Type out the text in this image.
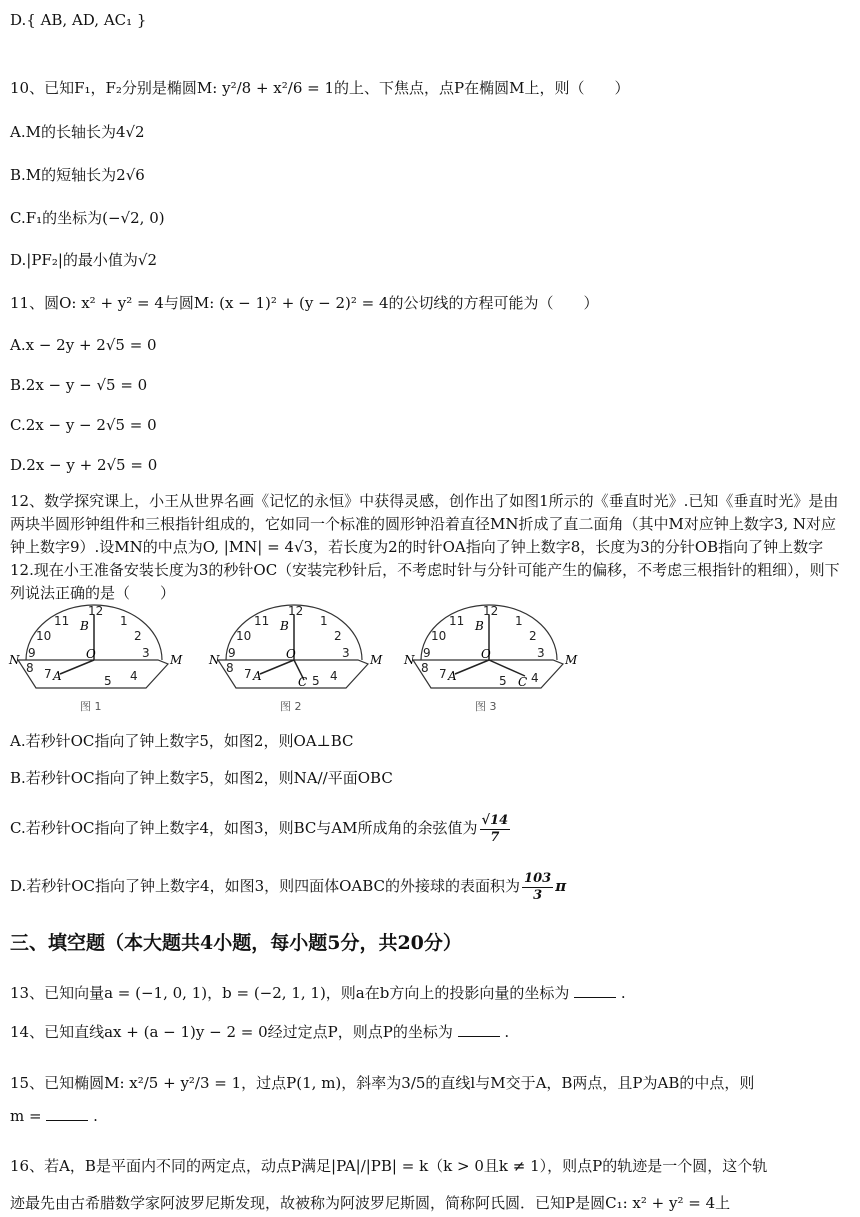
D.{ AB, AD, AC₁ }
10、已知F₁，F₂分别是椭圆M: y²/8 + x²/6 = 1的上、下焦点，点P在椭圆M上，则（　　）
A.M的长轴长为4√2
B.M的短轴长为2√6
C.F₁的坐标为(−√2, 0)
D.|PF₂|的最小值为√2
11、圆O: x² + y² = 4与圆M: (x − 1)² + (y − 2)² = 4的公切线的方程可能为（　　）
A.x − 2y + 2√5 = 0
B.2x − y − √5 = 0
C.2x − y − 2√5 = 0
D.2x − y + 2√5 = 0
12、数学探究课上，小王从世界名画《记忆的永恒》中获得灵感，创作出了如图1所示的《垂直时光》.已知《垂直时光》是由两块半圆形钟组件和三根指针组成的，它如同一个标准的圆形钟沿着直径MN折成了直二面角（其中M对应钟上数字3, N对应钟上数字9）.设MN的中点为O, |MN| = 4√3，若长度为2的时针OA指向了钟上数字8，长度为3的分针OB指向了钟上数字12.现在小王准备安装长度为3的秒针OC（安装完秒针后，不考虑时针与分针可能产生的偏移，不考虑三根指针的粗细），则下列说法正确的是（　　）
12
1
2
3
4
5
7
8
9
10
11 B
O
A
M
N
图 1
12
1
2
3
4
5
7
8
9
10
11 B
O
A	C
M
N
图 2
12
1
2
3
4
5
7
8
9
10
11 B
O
A	C
M
N
图 3
A.若秒针OC指向了钟上数字5，如图2，则OA⊥BC
B.若秒针OC指向了钟上数字5，如图2，则NA//平面OBC
C.若秒针OC指向了钟上数字4，如图3，则BC与AM所成角的余弦值为 $\frac{√14}{7}$
D.若秒针OC指向了钟上数字4，如图3，则四面体OABC的外接球的表面积为 $\frac{103}{3}$ π
三、填空题（本大题共4小题，每小题5分，共20分）
13、已知向量a = (−1, 0, 1)，b = (−2, 1, 1)，则a在b方向上的投影向量的坐标为	.
14、已知直线ax + (a − 1)y − 2 = 0经过定点P，则点P的坐标为	.
15、已知椭圆M: x²/5 + y²/3 = 1，过点P(1, m)，斜率为3/5的直线l与M交于A，B两点，且P为AB的中点，则
m =	.
16、若A，B是平面内不同的两定点，动点P满足|PA|/|PB| = k（k > 0且k ≠ 1），则点P的轨迹是一个圆，这个轨
迹最先由古希腊数学家阿波罗尼斯发现，故被称为阿波罗尼斯圆，简称阿氏圆．已知P是圆C₁: x² + y² = 4上
